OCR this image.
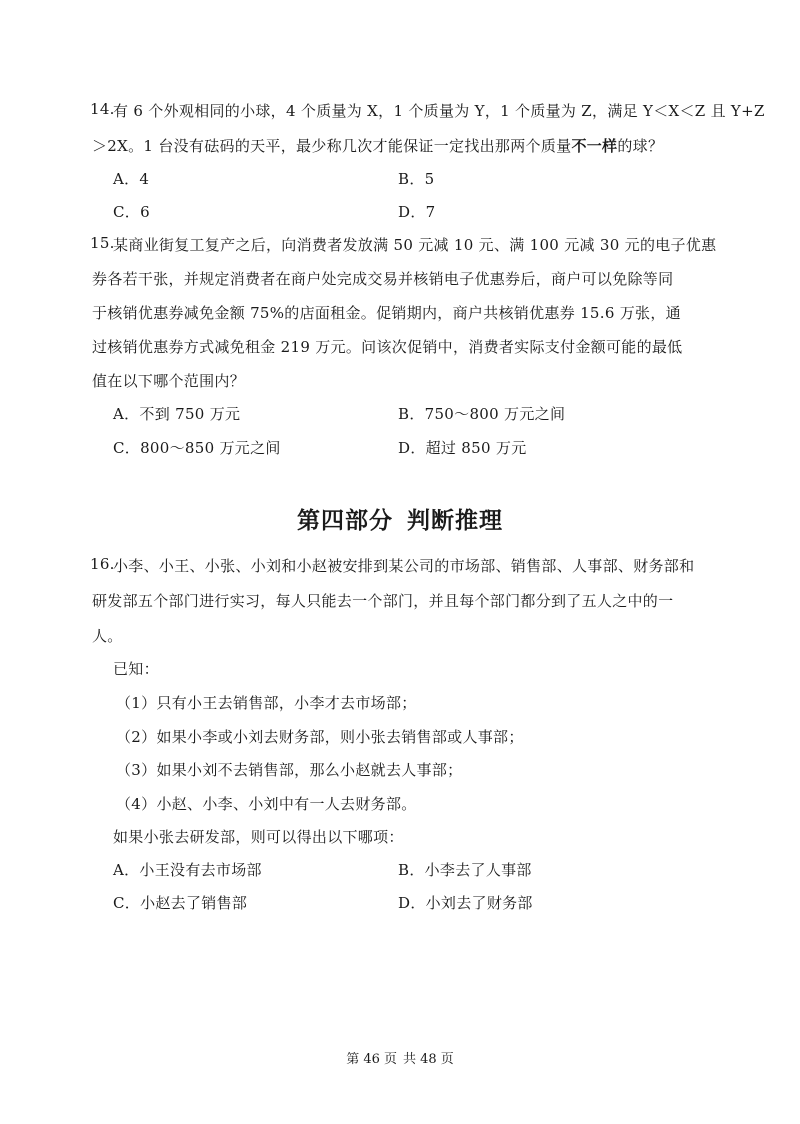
14.
有 6 个外观相同的小球，4 个质量为 X，1 个质量为 Y，1 个质量为 Z，满足 Y＜X＜Z 且 Y+Z
＞2X。1 台没有砝码的天平，最少称几次才能保证一定找出那两个质量不一样的球？
A．4	B．5
C．6	D．7
15.
某商业街复工复产之后，向消费者发放满 50 元减 10 元、满 100 元减 30 元的电子优惠
券各若干张，并规定消费者在商户处完成交易并核销电子优惠券后，商户可以免除等同
于核销优惠券减免金额 75%的店面租金。促销期内，商户共核销优惠券 15.6 万张，通
过核销优惠券方式减免租金 219 万元。问该次促销中，消费者实际支付金额可能的最低
值在以下哪个范围内？
A．不到 750 万元	B．750～800 万元之间
C．800～850 万元之间	D．超过 850 万元
第四部分 判断推理
16.
小李、小王、小张、小刘和小赵被安排到某公司的市场部、销售部、人事部、财务部和
研发部五个部门进行实习，每人只能去一个部门，并且每个部门都分到了五人之中的一
人。
已知：
（1）只有小王去销售部，小李才去市场部；
（2）如果小李或小刘去财务部，则小张去销售部或人事部；
（3）如果小刘不去销售部，那么小赵就去人事部；
（4）小赵、小李、小刘中有一人去财务部。
如果小张去研发部，则可以得出以下哪项：
A．小王没有去市场部	B．小李去了人事部
C．小赵去了销售部	D．小刘去了财务部
第 46 页 共 48 页
